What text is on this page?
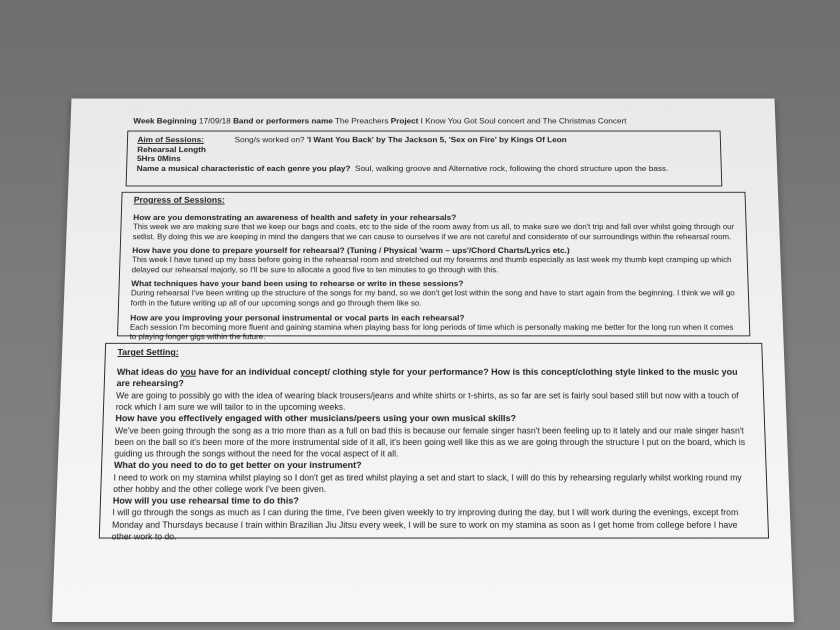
Week Beginning 17/09/18 Band or performers name The Preachers Project I Know You Got Soul concert and The Christmas Concert
Aim of Sessions:	Song/s worked on?
'I Want You Back' by The Jackson 5, 'Sex on Fire' by Kings Of Leon
Rehearsal Length
5Hrs 0Mins
Name a musical characteristic of each genre you play? Soul, walking groove and Alternative rock, following the chord structure upon the bass.
Progress of Sessions:
How are you demonstrating an awareness of health and safety in your rehearsals?
This week we are making sure that we keep our bags and coats, etc to the side of the room away from us all, to make sure we don't trip and fall over whilst going through our setlist. By doing this we are keeping in mind the dangers that we can cause to ourselves if we are not careful and considerate of our surroundings within the rehearsal room.
How have you done to prepare yourself for rehearsal? (Tuning / Physical 'warm – ups'/Chord Charts/Lyrics etc.)
This week I have tuned up my bass before going in the rehearsal room and stretched out my forearms and thumb especially as last week my thumb kept cramping up which delayed our rehearsal majorly, so I'll be sure to allocate a good five to ten minutes to go through with this.
What techniques have your band been using to rehearse or write in these sessions?
During rehearsal I've been writing up the structure of the songs for my band, so we don't get lost within the song and have to start again from the beginning. I think we will go forth in the future writing up all of our upcoming songs and go through them like so.
How are you improving your personal instrumental or vocal parts in each rehearsal?
Each session I'm becoming more fluent and gaining stamina when playing bass for long periods of time which is personally making me better for the long run when it comes to playing longer gigs within the future.
Target Setting:
What ideas do you have for an individual concept/ clothing style for your performance? How is this concept/clothing style linked to the music you are rehearsing?
We are going to possibly go with the idea of wearing black trousers/jeans and white shirts or t-shirts, as so far are set is fairly soul based still but now with a touch of rock which I am sure we will tailor to in the upcoming weeks.
How have you effectively engaged with other musicians/peers using your own musical skills?
We've been going through the song as a trio more than as a full on bad this is because our female singer hasn't been feeling up to it lately and our male singer hasn't been on the ball so it's been more of the more instrumental side of it all, it's been going well like this as we are going through the structure I put on the board, which is guiding us through the songs without the need for the vocal aspect of it all.
What do you need to do to get better on your instrument?
I need to work on my stamina whilst playing so I don't get as tired whilst playing a set and start to slack, I will do this by rehearsing regularly whilst working round my other hobby and the other college work I've been given.
How will you use rehearsal time to do this?
I will go through the songs as much as I can during the time, I've been given weekly to try improving during the day, but I will work during the evenings, except from Monday and Thursdays because I train within Brazilian Jiu Jitsu every week, I will be sure to work on my stamina as soon as I get home from college before I have other work to do.
